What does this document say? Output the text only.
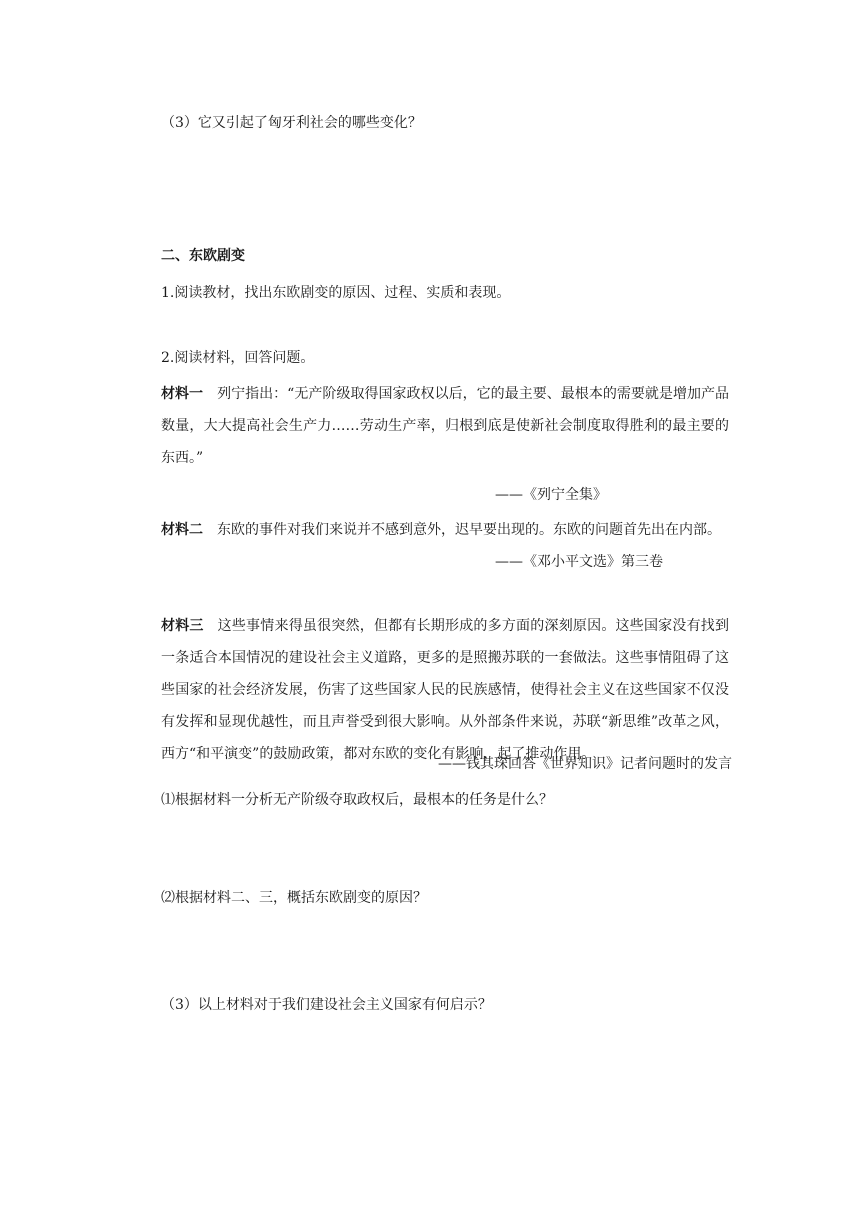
（3）它又引起了匈牙利社会的哪些变化？
二、东欧剧变
1.阅读教材，找出东欧剧变的原因、过程、实质和表现。
2.阅读材料，回答问题。
材料一 列宁指出：“无产阶级取得国家政权以后，它的最主要、最根本的需要就是增加产品数量，大大提高社会生产力……劳动生产率，归根到底是使新社会制度取得胜利的最主要的东西。”
——《列宁全集》
材料二 东欧的事件对我们来说并不感到意外，迟早要出现的。东欧的问题首先出在内部。
——《邓小平文选》第三卷
材料三 这些事情来得虽很突然，但都有长期形成的多方面的深刻原因。这些国家没有找到一条适合本国情况的建设社会主义道路，更多的是照搬苏联的一套做法。这些事情阻碍了这些国家的社会经济发展，伤害了这些国家人民的民族感情，使得社会主义在这些国家不仅没有发挥和显现优越性，而且声誉受到很大影响。从外部条件来说，苏联“新思维”改革之风，西方“和平演变”的鼓励政策，都对东欧的变化有影响，起了推动作用。
——钱其琛回答《世界知识》记者问题时的发言
⑴根据材料一分析无产阶级夺取政权后，最根本的任务是什么？
⑵根据材料二、三，概括东欧剧变的原因？
（3）以上材料对于我们建设社会主义国家有何启示？
